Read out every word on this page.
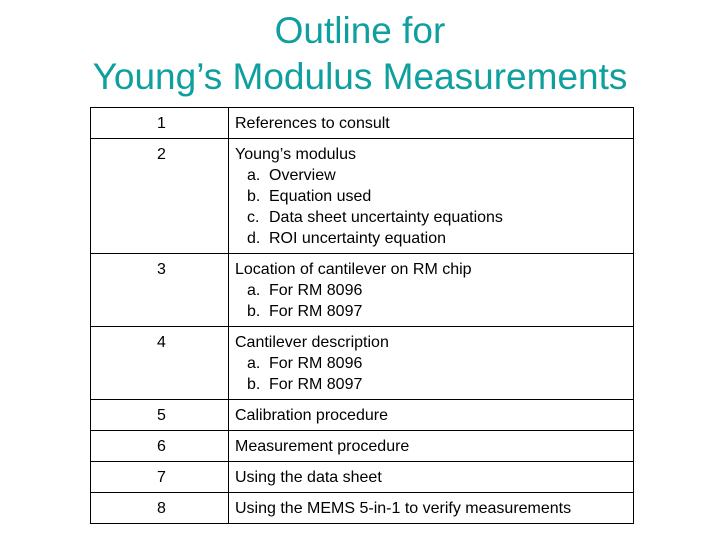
Outline for
Young’s Modulus Measurements
1	References to consult
2	Young’s modulus
a. Overview
b. Equation used
c. Data sheet uncertainty equations
d. ROI uncertainty equation

3	Location of cantilever on RM chip
a. For RM 8096
b. For RM 8097

4	Cantilever description
a. For RM 8096
b. For RM 8097

5	Calibration procedure
6	Measurement procedure
7	Using the data sheet
8	Using the MEMS 5-in-1 to verify measurements
